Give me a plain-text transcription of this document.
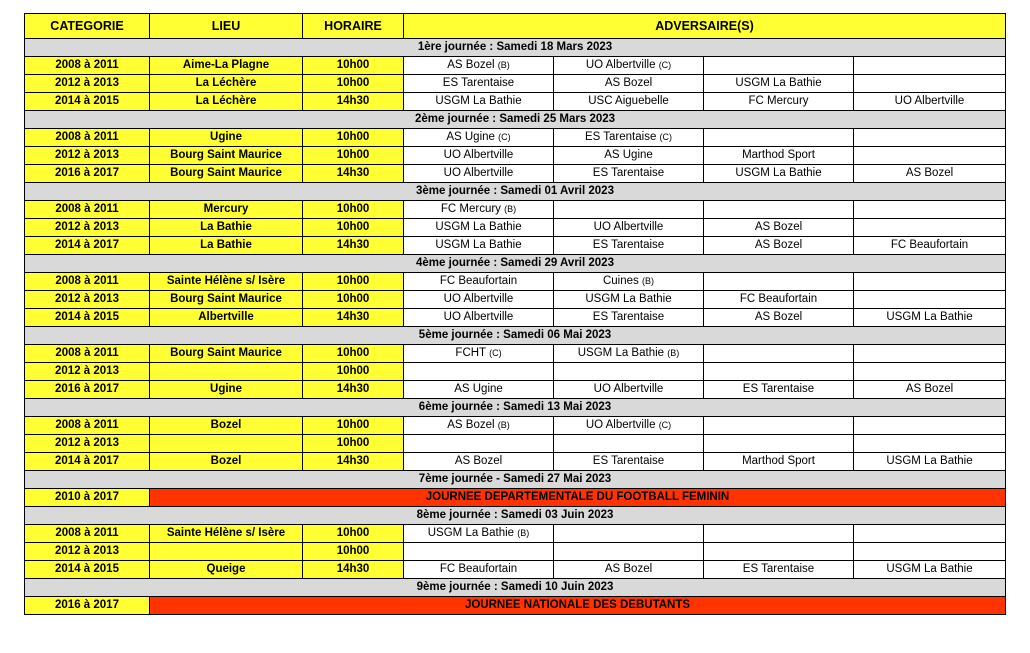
CATEGORIE	LIEU	HORAIRE	ADVERSAIRE(S)			
1ère journée : Samedi 18 Mars 2023						
2008 à 2011	Aime-La Plagne	10h00	AS Bozel (B)	UO Albertville (C)		
2012 à 2013	La Léchère	10h00	ES Tarentaise	AS Bozel	USGM La Bathie	
2014 à 2015	La Léchère	14h30	USGM La Bathie	USC Aiguebelle	FC Mercury	UO Albertville
2ème journée : Samedi 25 Mars 2023						
2008 à 2011	Ugine	10h00	AS Ugine (C)	ES Tarentaise (C)		
2012 à 2013	Bourg Saint Maurice	10h00	UO Albertville	AS Ugine	Marthod Sport	
2016 à 2017	Bourg Saint Maurice	14h30	UO Albertville	ES Tarentaise	USGM La Bathie	AS Bozel
3ème journée : Samedi 01 Avril 2023						
2008 à 2011	Mercury	10h00	FC Mercury (B)			
2012 à 2013	La Bathie	10h00	USGM La Bathie	UO Albertville	AS Bozel	
2014 à 2017	La Bathie	14h30	USGM La Bathie	ES Tarentaise	AS Bozel	FC Beaufortain
4ème journée : Samedi 29 Avril 2023						
2008 à 2011	Sainte Hélène s/ Isère	10h00	FC Beaufortain	Cuines (B)		
2012 à 2013	Bourg Saint Maurice	10h00	UO Albertville	USGM La Bathie	FC Beaufortain	
2014 à 2015	Albertville	14h30	UO Albertville	ES Tarentaise	AS Bozel	USGM La Bathie
5ème journée : Samedi 06 Mai 2023						
2008 à 2011	Bourg Saint Maurice	10h00	FCHT (C)	USGM La Bathie (B)		
2012 à 2013		10h00				
2016 à 2017	Ugine	14h30	AS Ugine	UO Albertville	ES Tarentaise	AS Bozel
6ème journée : Samedi 13 Mai 2023						
2008 à 2011	Bozel	10h00	AS Bozel (B)	UO Albertville (C)		
2012 à 2013		10h00				
2014 à 2017	Bozel	14h30	AS Bozel	ES Tarentaise	Marthod Sport	USGM La Bathie
7ème journée - Samedi 27 Mai 2023						
2010 à 2017	JOURNEE DEPARTEMENTALE DU FOOTBALL FEMININ					
8ème journée : Samedi 03 Juin 2023						
2008 à 2011	Sainte Hélène s/ Isère	10h00	USGM La Bathie (B)			
2012 à 2013		10h00				
2014 à 2015	Queige	14h30	FC Beaufortain	AS Bozel	ES Tarentaise	USGM La Bathie
9ème journée : Samedi 10 Juin 2023						
2016 à 2017	JOURNEE NATIONALE DES DEBUTANTS					
